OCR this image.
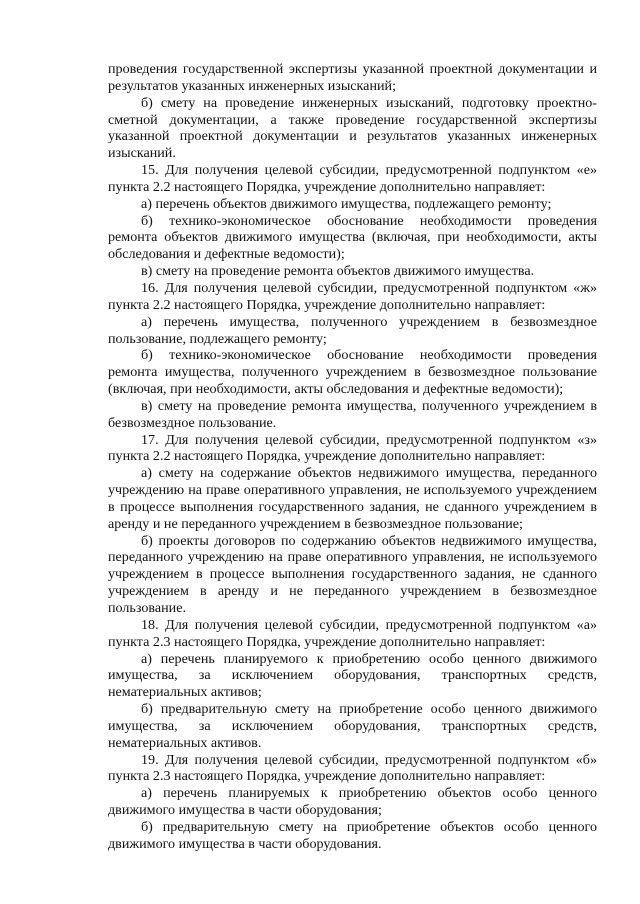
проведения государственной экспертизы указанной проектной документации и результатов указанных инженерных изысканий;

б) смету на проведение инженерных изысканий, подготовку проектно-сметной документации, а также проведение государственной экспертизы указанной проектной документации и результатов указанных инженерных изысканий.

15. Для получения целевой субсидии, предусмотренной подпунктом «е» пункта 2.2 настоящего Порядка, учреждение дополнительно направляет:

а) перечень объектов движимого имущества, подлежащего ремонту;

б) технико-экономическое обоснование необходимости проведения ремонта объектов движимого имущества (включая, при необходимости, акты обследования и дефектные ведомости);

в) смету на проведение ремонта объектов движимого имущества.

16. Для получения целевой субсидии, предусмотренной подпунктом «ж» пункта 2.2 настоящего Порядка, учреждение дополнительно направляет:

а) перечень имущества, полученного учреждением в безвозмездное пользование, подлежащего ремонту;

б) технико-экономическое обоснование необходимости проведения ремонта имущества, полученного учреждением в безвозмездное пользование (включая, при необходимости, акты обследования и дефектные ведомости);

в) смету на проведение ремонта имущества, полученного учреждением в безвозмездное пользование.

17. Для получения целевой субсидии, предусмотренной подпунктом «з» пункта 2.2 настоящего Порядка, учреждение дополнительно направляет:

а) смету на содержание объектов недвижимого имущества, переданного учреждению на праве оперативного управления, не используемого учреждением в процессе выполнения государственного задания, не сданного учреждением в аренду и не переданного учреждением в безвозмездное пользование;

б) проекты договоров по содержанию объектов недвижимого имущества, переданного учреждению на праве оперативного управления, не используемого учреждением в процессе выполнения государственного задания, не сданного учреждением в аренду и не переданного учреждением в безвозмездное пользование.

18. Для получения целевой субсидии, предусмотренной подпунктом «а» пункта 2.3 настоящего Порядка, учреждение дополнительно направляет:

а) перечень планируемого к приобретению особо ценного движимого имущества, за исключением оборудования, транспортных средств, нематериальных активов;

б) предварительную смету на приобретение особо ценного движимого имущества, за исключением оборудования, транспортных средств, нематериальных активов.

19. Для получения целевой субсидии, предусмотренной подпунктом «б» пункта 2.3 настоящего Порядка, учреждение дополнительно направляет:

а) перечень планируемых к приобретению объектов особо ценного движимого имущества в части оборудования;

б) предварительную смету на приобретение объектов особо ценного движимого имущества в части оборудования.
